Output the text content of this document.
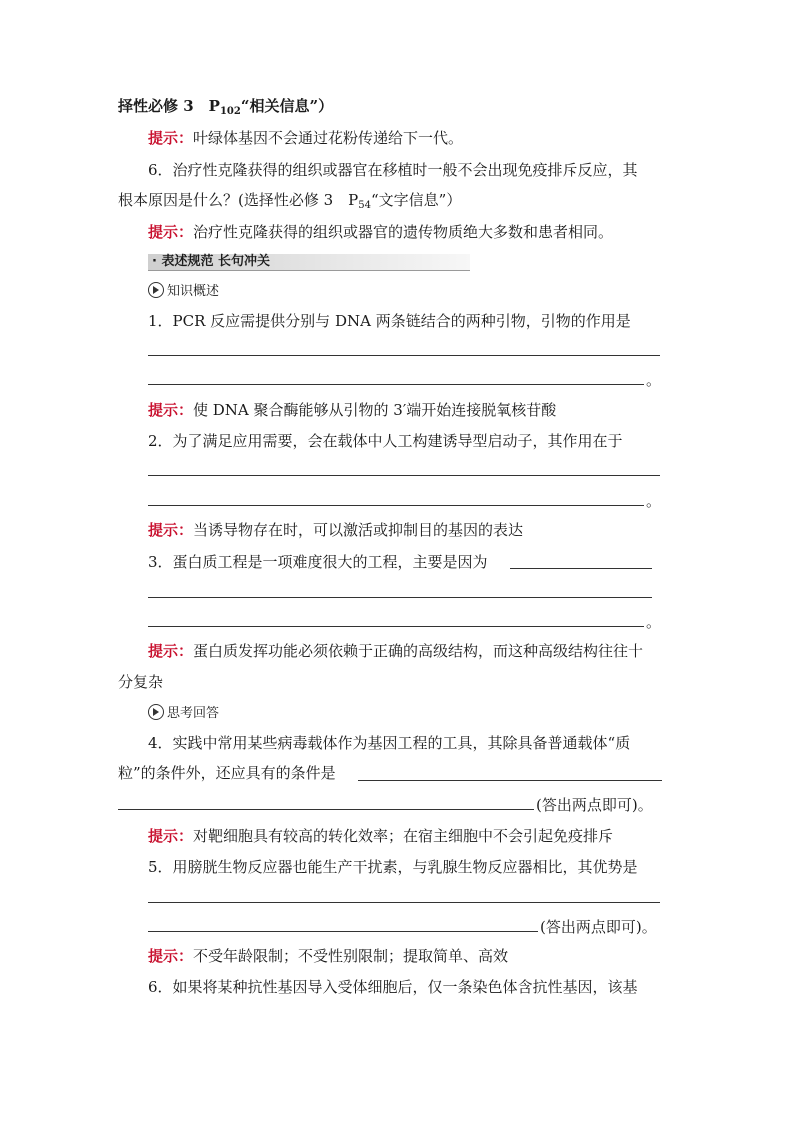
择性必修 3　$P_{102}“$相关信息”）
提示：叶绿体基因不会通过花粉传递给下一代。
6．治疗性克隆获得的组织或器官在移植时一般不会出现免疫排斥反应，其
根本原因是什么？(选择性必修 3　$P_{54}“$文字信息”）
提示：治疗性克隆获得的组织或器官的遗传物质绝大多数和患者相同。
· 表述规范 长句冲关
知识概述
1．PCR 反应需提供分别与 DNA 两条链结合的两种引物，引物的作用是
。
提示：使 DNA 聚合酶能够从引物的 3′端开始连接脱氧核苷酸
2．为了满足应用需要，会在载体中人工构建诱导型启动子，其作用在于
。
提示：当诱导物存在时，可以激活或抑制目的基因的表达
3．蛋白质工程是一项难度很大的工程，主要是因为
。
提示：蛋白质发挥功能必须依赖于正确的高级结构，而这种高级结构往往十
分复杂
思考回答
4．实践中常用某些病毒载体作为基因工程的工具，其除具备普通载体“质
粒”的条件外，还应具有的条件是
(答出两点即可)。
提示：对靶细胞具有较高的转化效率；在宿主细胞中不会引起免疫排斥
5．用膀胱生物反应器也能生产干扰素，与乳腺生物反应器相比，其优势是
(答出两点即可)。
提示：不受年龄限制；不受性别限制；提取简单、高效
6．如果将某种抗性基因导入受体细胞后，仅一条染色体含抗性基因，该基
